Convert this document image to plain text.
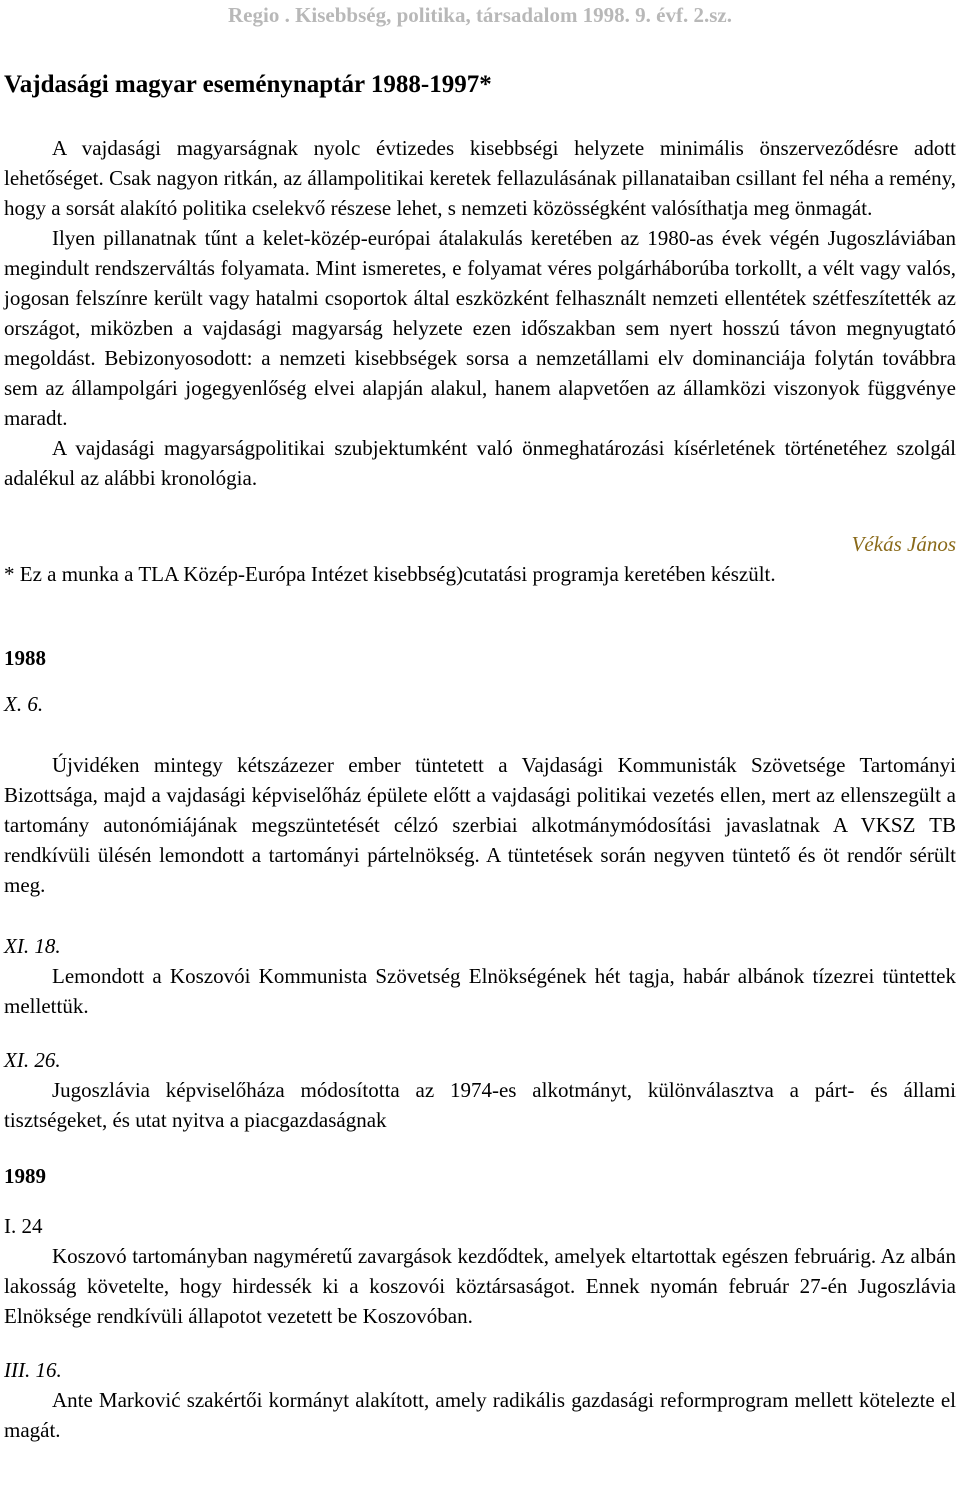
Regio . Kisebbség, politika, társadalom 1998. 9. évf. 2.sz.
Vajdasági magyar eseménynaptár 1988-1997*

A vajdasági magyarságnak nyolc évtizedes kisebbségi helyzete minimális önszerveződésre adott lehetőséget. Csak nagyon ritkán, az állampolitikai keretek fellazulásának pillanataiban csillant fel néha a remény, hogy a sorsát alakító politika cselekvő részese lehet, s nemzeti közösségként valósíthatja meg önmagát.

Ilyen pillanatnak tűnt a kelet-közép-európai átalakulás keretében az 1980-as évek végén Jugoszláviában megindult rendszerváltás folyamata. Mint ismeretes, e folyamat véres polgárháborúba torkollt, a vélt vagy valós, jogosan felszínre került vagy hatalmi csoportok által eszközként felhasznált nemzeti ellentétek szétfeszítették az országot, miközben a vajdasági magyarság helyzete ezen időszakban sem nyert hosszú távon megnyugtató megoldást. Bebizonyosodott: a nemzeti kisebbségek sorsa a nemzetállami elv dominanciája folytán továbbra sem az állampolgári jogegyenlőség elvei alapján alakul, hanem alapvetően az államközi viszonyok függvénye maradt.

A vajdasági magyarságpolitikai szubjektumként való önmeghatározási kísérletének történetéhez szolgál adalékul az alábbi kronológia.

Vékás János
* Ez a munka a TLA Közép-Európa Intézet kisebbség)cutatási programja keretében készült.
1988
X. 6.

Újvidéken mintegy kétszázezer ember tüntetett a Vajdasági Kommunisták Szövetsége Tartományi Bizottsága, majd a vajdasági képviselőház épülete előtt a vajdasági politikai vezetés ellen, mert az ellenszegült a tartomány autonómiájának megszüntetését célzó szerbiai alkotmánymódosítási javaslatnak A VKSZ TB rendkívüli ülésén lemondott a tartományi pártelnökség. A tüntetések során negyven tüntető és öt rendőr sérült meg.

XI. 18.

Lemondott a Koszovói Kommunista Szövetség Elnökségének hét tagja, habár albánok tízezrei tüntettek mellettük.

XI. 26.

Jugoszlávia képviselőháza módosította az 1974-es alkotmányt, különválasztva a párt- és állami tisztségeket, és utat nyitva a piacgazdaságnak

1989
I. 24

Koszovó tartományban nagyméretű zavargások kezdődtek, amelyek eltartottak egészen februárig. Az albán lakosság követelte, hogy hirdessék ki a koszovói köztársaságot. Ennek nyomán február 27-én Jugoszlávia Elnöksége rendkívüli állapotot vezetett be Koszovóban.

III. 16.

Ante Marković szakértői kormányt alakított, amely radikális gazdasági reformprogram mellett kötelezte el magát.
